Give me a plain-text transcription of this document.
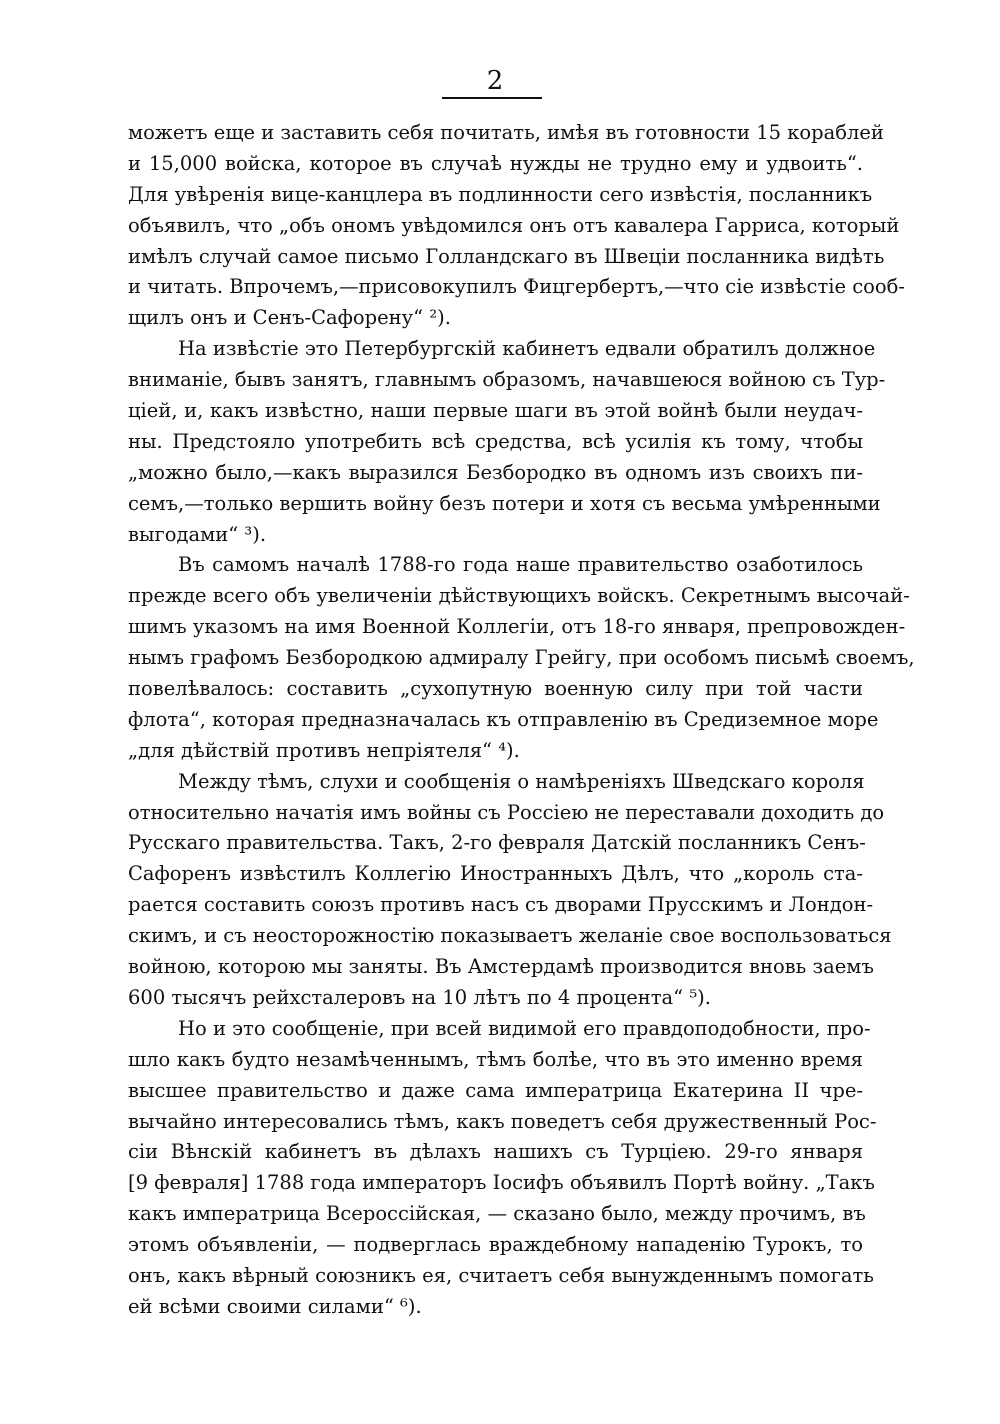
2
можетъ еще и заставить себя почитать, имѣя въ готовности 15 кораблей
и 15,000 войска, которое въ случаѣ нужды не трудно ему и удвоить“.
Для увѣренія вице-канцлера въ подлинности сего извѣстія, посланникъ
объявилъ, что „объ ономъ увѣдомился онъ отъ кавалера Гарриса, который
имѣлъ случай самое письмо Голландскаго въ Швеціи посланника видѣть
и читать. Впрочемъ,—присовокупилъ Фицгербертъ,—что сіе извѣстіе сооб-
щилъ онъ и Сенъ-Сафорену“ ²).
На извѣстіе это Петербургскій кабинетъ едвали обратилъ должное
вниманіе, бывъ занятъ, главнымъ образомъ, начавшеюся войною съ Тур-
ціей, и, какъ извѣстно, наши первые шаги въ этой войнѣ были неудач-
ны. Предстояло употребить всѣ средства, всѣ усилія къ тому, чтобы
„можно было,—какъ выразился Безбородко въ одномъ изъ своихъ пи-
семъ,—только вершить войну безъ потери и хотя съ весьма умѣренными
выгодами“ ³).
Въ самомъ началѣ 1788-го года наше правительство озаботилось
прежде всего объ увеличеніи дѣйствующихъ войскъ. Секретнымъ высочай-
шимъ указомъ на имя Военной Коллегіи, отъ 18-го января, препровожден-
нымъ графомъ Безбородкою адмиралу Грейгу, при особомъ письмѣ своемъ,
повелѣвалось: составить „сухопутную военную силу при той части
флота“, которая предназначалась къ отправленію въ Средиземное море
„для дѣйствій противъ непріятеля“ ⁴).
Между тѣмъ, слухи и сообщенія о намѣреніяхъ Шведскаго короля
относительно начатія имъ войны съ Россіею не переставали доходить до
Русскаго правительства. Такъ, 2-го февраля Датскій посланникъ Сенъ-
Сафоренъ извѣстилъ Коллегію Иностранныхъ Дѣлъ, что „король ста-
рается составить союзъ противъ насъ съ дворами Прусскимъ и Лондон-
скимъ, и съ неосторожностію показываетъ желаніе свое воспользоваться
войною, которою мы заняты. Въ Амстердамѣ производится вновь заемъ
600 тысячъ рейхсталеровъ на 10 лѣтъ по 4 процента“ ⁵).
Но и это сообщеніе, при всей видимой его правдоподобности, про-
шло какъ будто незамѣченнымъ, тѣмъ болѣе, что въ это именно время
высшее правительство и даже сама императрица Екатерина II чре-
вычайно интересовались тѣмъ, какъ поведетъ себя дружественный Рос-
сіи Вѣнскій кабинетъ въ дѣлахъ нашихъ съ Турціею. 29-го января
[9 февраля] 1788 года императоръ Іосифъ объявилъ Портѣ войну. „Такъ
какъ императрица Всероссійская, — сказано было, между прочимъ, въ
этомъ объявленіи, — подверглась враждебному нападенію Турокъ, то
онъ, какъ вѣрный союзникъ ея, считаетъ себя вынужденнымъ помогать
ей всѣми своими силами“ ⁶).
